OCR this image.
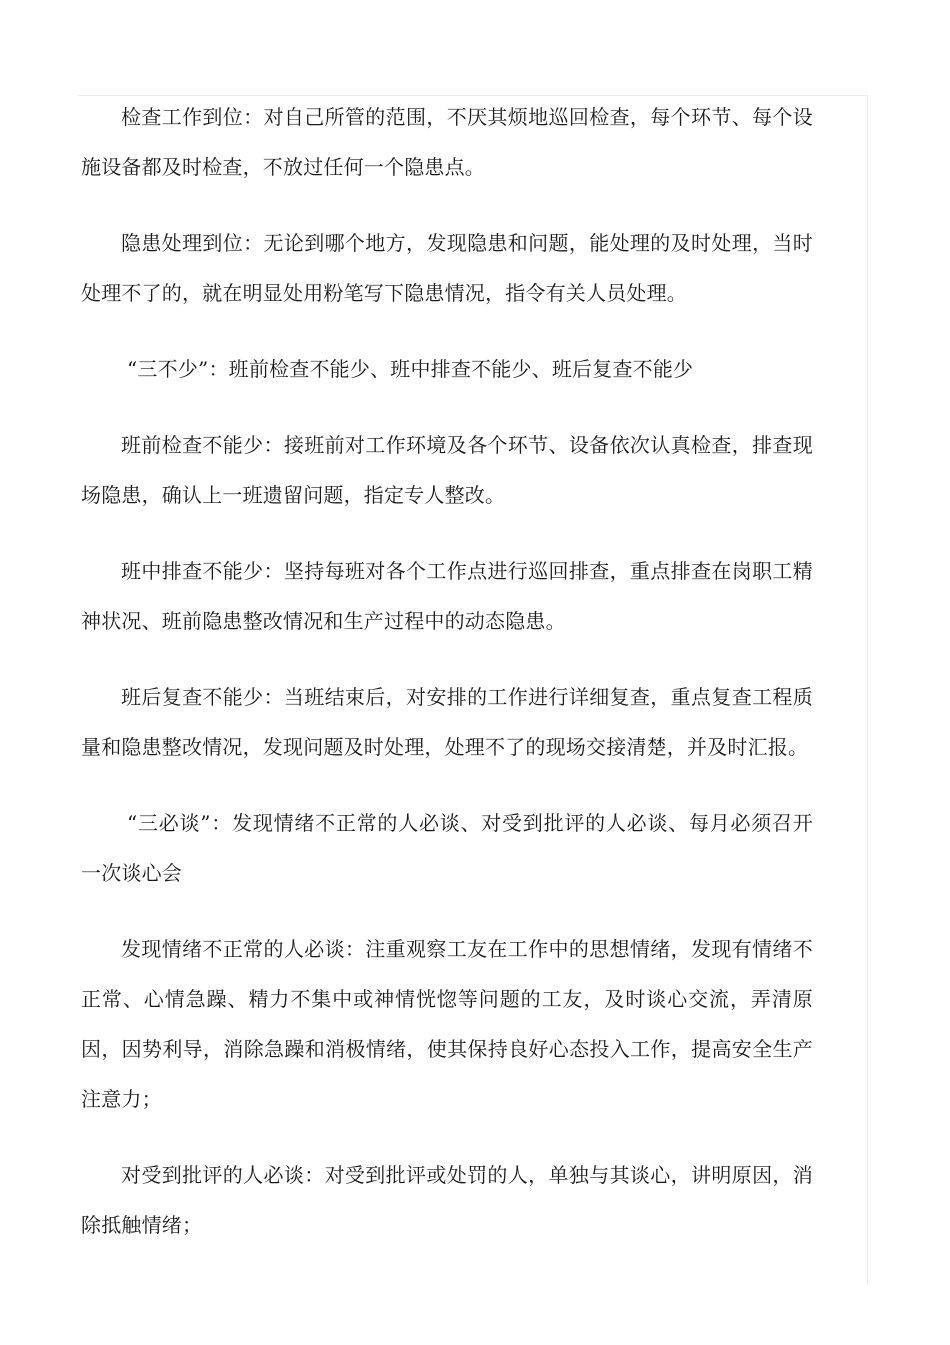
检查工作到位：对自己所管的范围，不厌其烦地巡回检查，每个环节、每个设施设备都及时检查，不放过任何一个隐患点。

隐患处理到位：无论到哪个地方，发现隐患和问题，能处理的及时处理，当时处理不了的，就在明显处用粉笔写下隐患情况，指令有关人员处理。

“三不少”：班前检查不能少、班中排查不能少、班后复查不能少

班前检查不能少：接班前对工作环境及各个环节、设备依次认真检查，排查现场隐患，确认上一班遗留问题，指定专人整改。

班中排查不能少：坚持每班对各个工作点进行巡回排查，重点排查在岗职工精神状况、班前隐患整改情况和生产过程中的动态隐患。

班后复查不能少：当班结束后，对安排的工作进行详细复查，重点复查工程质量和隐患整改情况，发现问题及时处理，处理不了的现场交接清楚，并及时汇报。

“三必谈”：发现情绪不正常的人必谈、对受到批评的人必谈、每月必须召开一次谈心会

发现情绪不正常的人必谈：注重观察工友在工作中的思想情绪，发现有情绪不正常、心情急躁、精力不集中或神情恍惚等问题的工友，及时谈心交流，弄清原因，因势利导，消除急躁和消极情绪，使其保持良好心态投入工作，提高安全生产注意力；

对受到批评的人必谈：对受到批评或处罚的人，单独与其谈心，讲明原因，消除抵触情绪；
